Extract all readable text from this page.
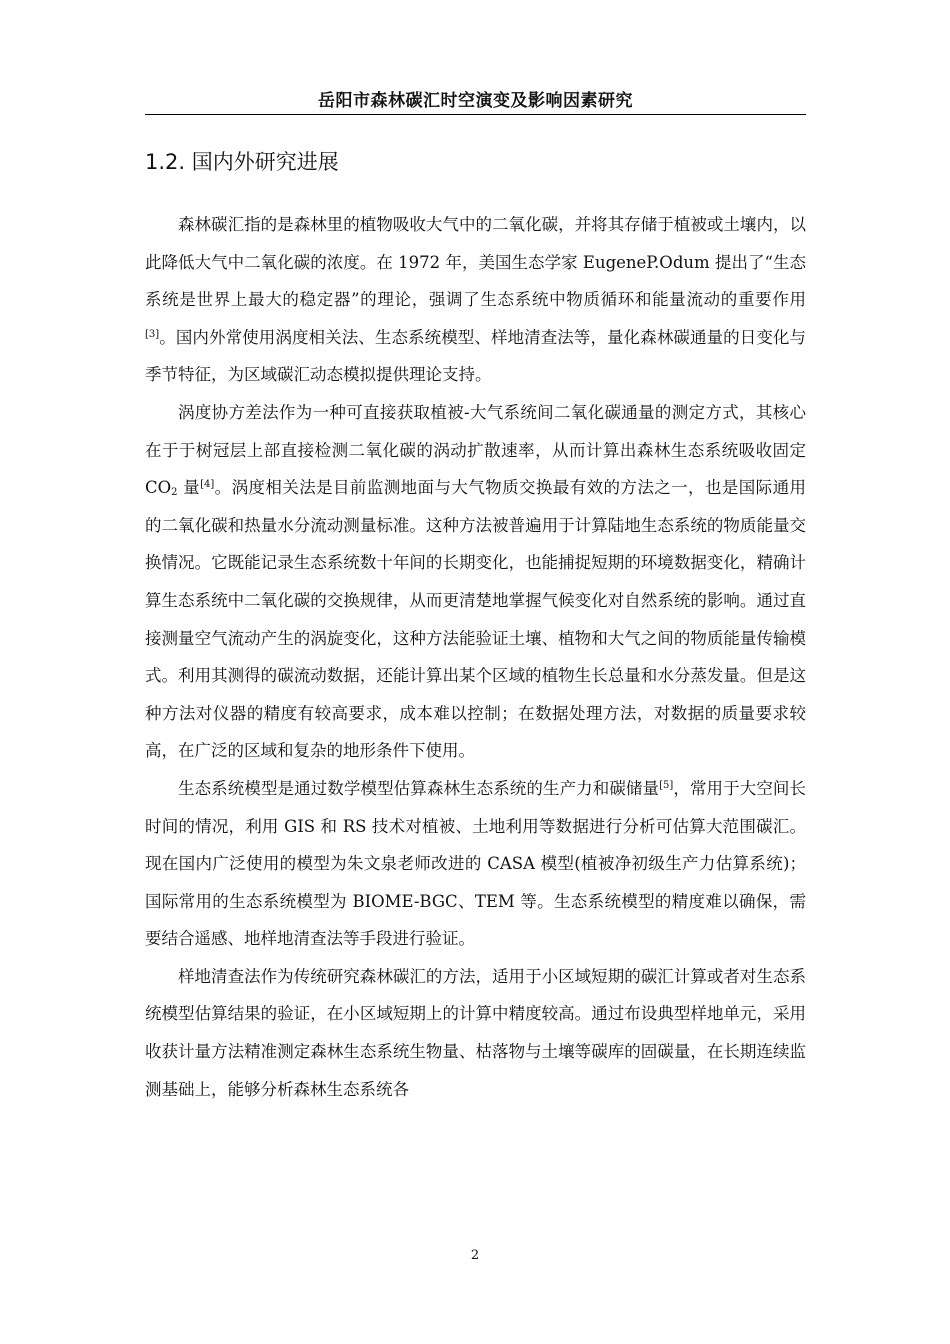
岳阳市森林碳汇时空演变及影响因素研究
1.2. 国内外研究进展

森林碳汇指的是森林里的植物吸收大气中的二氧化碳，并将其存储于植被或土壤内，以此降低大气中二氧化碳的浓度。在 1972 年，美国生态学家 EugeneP.Odum 提出了“生态系统是世界上最大的稳定器”的理论，强调了生态系统中物质循环和能量流动的重要作用[3]。国内外常使用涡度相关法、生态系统模型、样地清查法等，量化森林碳通量的日变化与季节特征，为区域碳汇动态模拟提供理论支持。

涡度协方差法作为一种可直接获取植被-大气系统间二氧化碳通量的测定方式，其核心在于于树冠层上部直接检测二氧化碳的涡动扩散速率，从而计算出森林生态系统吸收固定 $CO_2$ 量[4]。涡度相关法是目前监测地面与大气物质交换最有效的方法之一，也是国际通用的二氧化碳和热量水分流动测量标准。这种方法被普遍用于计算陆地生态系统的物质能量交换情况。它既能记录生态系统数十年间的长期变化，也能捕捉短期的环境数据变化，精确计算生态系统中二氧化碳的交换规律，从而更清楚地掌握气候变化对自然系统的影响。通过直接测量空气流动产生的涡旋变化，这种方法能验证土壤、植物和大气之间的物质能量传输模式。利用其测得的碳流动数据，还能计算出某个区域的植物生长总量和水分蒸发量。但是这种方法对仪器的精度有较高要求，成本难以控制；在数据处理方法，对数据的质量要求较高，在广泛的区域和复杂的地形条件下使用。

生态系统模型是通过数学模型估算森林生态系统的生产力和碳储量[5]，常用于大空间长时间的情况，利用 GIS 和 RS 技术对植被、土地利用等数据进行分析可估算大范围碳汇。现在国内广泛使用的模型为朱文泉老师改进的 CASA 模型(植被净初级生产力估算系统)；国际常用的生态系统模型为 BIOME-BGC、TEM 等。生态系统模型的精度难以确保，需要结合遥感、地样地清查法等手段进行验证。

样地清查法作为传统研究森林碳汇的方法，适用于小区域短期的碳汇计算或者对生态系统模型估算结果的验证，在小区域短期上的计算中精度较高。通过布设典型样地单元，采用收获计量方法精准测定森林生态系统生物量、枯落物与土壤等碳库的固碳量，在长期连续监测基础上，能够分析森林生态系统各

2
